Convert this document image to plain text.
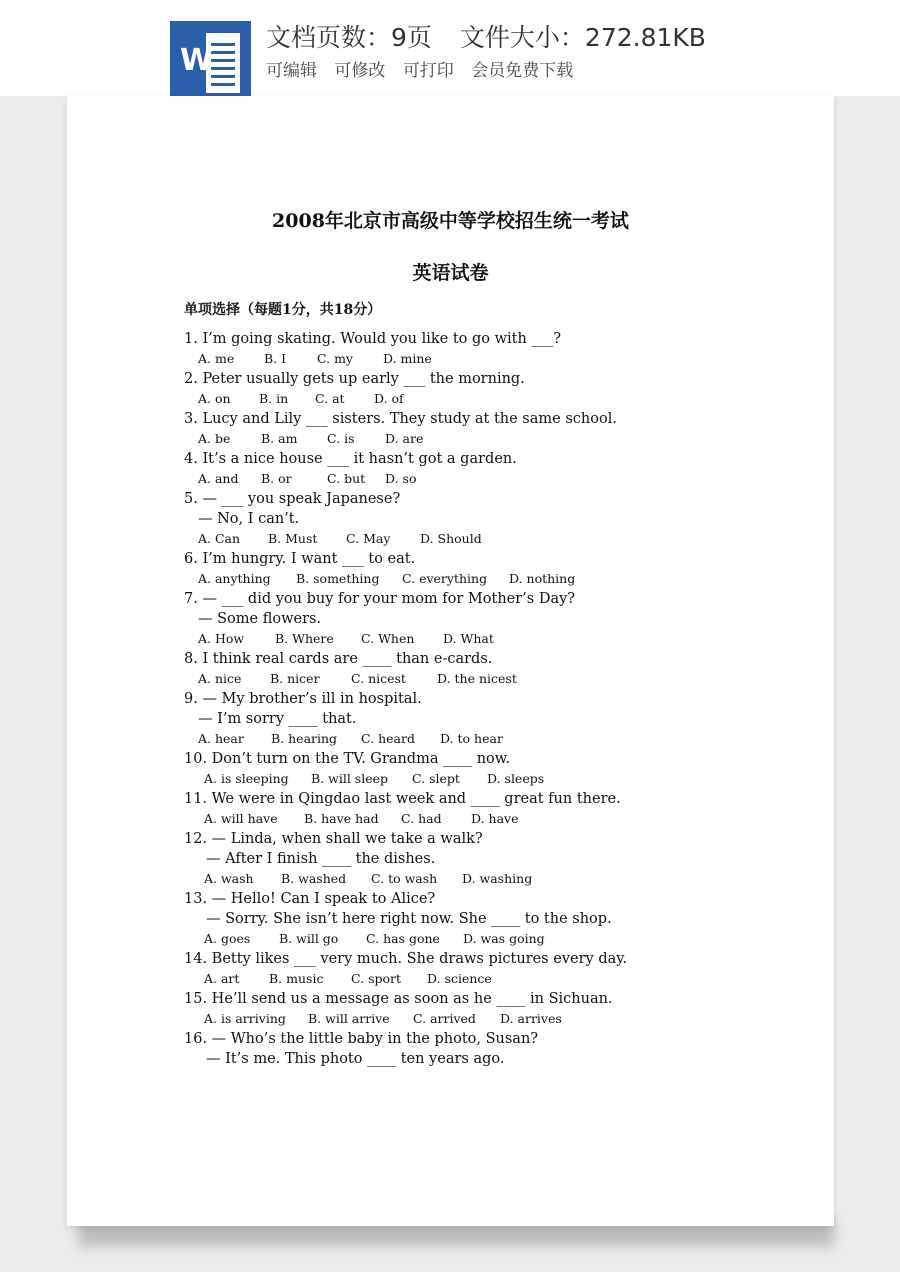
W
文档页数：9页 文件大小：272.81KB
可编辑 可修改 可打印 会员免费下载
2008年北京市高级中等学校招生统一考试
英语试卷
单项选择（每题1分，共18分）
1. I’m going skating. Would you like to go with ___?
A. me B. I C. my D. mine
2. Peter usually gets up early ___ the morning.
A. on B. in C. at D. of
3. Lucy and Lily ___ sisters. They study at the same school.
A. be B. am C. is D. are
4. It’s a nice house ___ it hasn’t got a garden.
A. and B. or	C. but D. so
5. — ___ you speak Japanese?
— No, I can’t.
A. Can B. Must C. May D. Should
6. I’m hungry. I want ___ to eat.
A. anything B. something C. everything D. nothing
7. — ___ did you buy for your mom for Mother’s Day?
— Some flowers.
A. How B. Where C. When D. What
8. I think real cards are ____ than e-cards.
A. nice B. nicer	C. nicest D. the nicest
9. — My brother’s ill in hospital.
— I’m sorry ____ that.
A. hear B. hearing C. heard D. to hear
10. Don’t turn on the TV. Grandma ____ now.
A. is sleeping B. will sleep C. slept D. sleeps
11. We were in Qingdao last week and ____ great fun there.
A. will have B. have had C. had D. have
12. — Linda, when shall we take a walk?
— After I finish ____ the dishes.
A. wash B. washed C. to wash D. washing
13. — Hello! Can I speak to Alice?
— Sorry. She isn’t here right now. She ____ to the shop.
A. goes B. will go C. has gone D. was going
14. Betty likes ___ very much. She draws pictures every day.
A. art B. music C. sport D. science
15. He’ll send us a message as soon as he ____ in Sichuan.
A. is arriving B. will arrive C. arrived D. arrives
16. — Who’s the little baby in the photo, Susan?
— It’s me. This photo ____ ten years ago.
